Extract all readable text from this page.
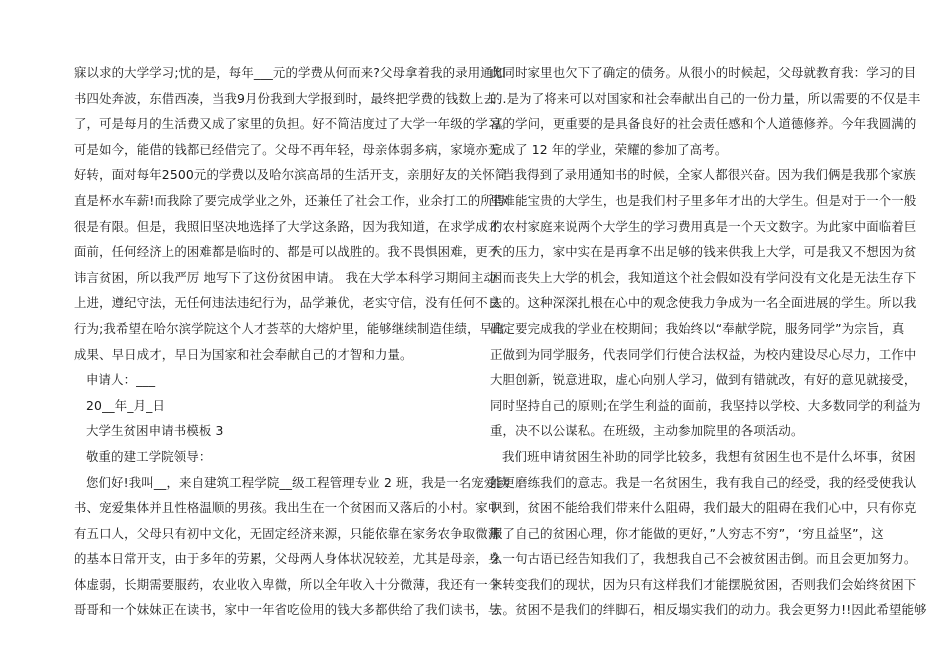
寐以求的大学学习;忧的是，每年___元的学费从何而来?父母拿着我的录用通知
书四处奔波，东借西凑，当我9月份我到大学报到时，最终把学费的钱数上去
了，可是每月的生活费又成了家里的负担。好不简洁度过了大学一年级的学习。
可是如今，能借的钱都已经借完了。父母不再年轻，母亲体弱多病，家境亦无
好转，面对每年2500元的学费以及哈尔滨高昂的生活开支，亲朋好友的关怀简
直是杯水车薪!而我除了要完成学业之外，还兼任了社会工作，业余打工的所得
很是有限。但是，我照旧坚决地选择了大学这条路，因为我知道，在求学成才
面前，任何经济上的困难都是临时的、都是可以战胜的。我不畏惧困难，更不
讳言贫困，所以我严厉 地写下了这份贫困申请。 我在大学本科学习期间主动
上进，遵纪守法，无任何违法违纪行为，品学兼优，老实守信，没有任何不良
行为;我希望在哈尔滨学院这个人才荟萃的大熔炉里，能够继续制造佳绩，早出
成果、早日成才，早日为国家和社会奉献自己的才智和力量。
申请人：___
20__年_月_日
大学生贫困申请书模板 3
敬重的建工学院领导：
您们好!我叫__，来自建筑工程学院__级工程管理专业 2 班，我是一名宠爱读
书、宠爱集体并且性格温顺的男孩。我出生在一个贫困而又落后的小村。家中
有五口人，父母只有初中文化，无固定经济来源，只能依靠在家务农争取微薄
的基本日常开支，由于多年的劳累，父母两人身体状况较差，尤其是母亲，身
体虚弱，长期需要服药，农业收入卑微，所以全年收入十分微薄，我还有一个
哥哥和一个妹妹正在读书，家中一年省吃俭用的钱大多都供给了我们读书，与
此同时家里也欠下了确定的债务。从很小的时候起，父母就教育我：学习的目
的.是为了将来可以对国家和社会奉献出自己的一份力量，所以需要的不仅是丰
富的学问，更重要的是具备良好的社会责任感和个人道德修养。今年我圆满的
完成了 12 年的学业，荣耀的参加了高考。
当我得到了录用通知书的时候，全家人都很兴奋。因为我们俩是我那个家族
里难能宝贵的大学生，也是我们村子里多年才出的大学生。但是对于一个一般
的农村家庭来说两个大学生的学习费用真是一个天文数字。为此家中面临着巨
大的压力，家中实在是再拿不出足够的钱来供我上大学，可是我又不想因为贫
困而丧失上大学的机会，我知道这个社会假如没有学问没有文化是无法生存下
去的。这种深深扎根在心中的观念使我力争成为一名全面进展的学生。所以我
确定要完成我的学业在校期间；我始终以“奉献学院，服务同学”为宗旨，真
正做到为同学服务，代表同学们行使合法权益，为校内建设尽心尽力，工作中
大胆创新，锐意进取，虚心向别人学习，做到有错就改，有好的意见就接受，
同时坚持自己的原则;在学生利益的面前，我坚持以学校、大多数同学的利益为
重，决不以公谋私。在班级，主动参加院里的各项活动。
我们班申请贫困生补助的同学比较多，我想有贫困生也不是什么坏事，贫困
能更磨练我们的意志。我是一名贫困生，我有我自己的经受，我的经受使我认
识到，贫困不能给我们带来什么阻碍，我们最大的阻碍在我们心中，只有你克
服了自己的贫困心理，你才能做的更好，”人穷志不穷”，‘穷且益坚”，这
么一句古语已经告知我们了，我想我自己不会被贫困击倒。而且会更加努力。
来转变我们的现状，因为只有这样我们才能摆脱贫困，否则我们会始终贫困下
去。贫困不是我们的绊脚石，相反塌实我们的动力。我会更努力!!因此希望能够
